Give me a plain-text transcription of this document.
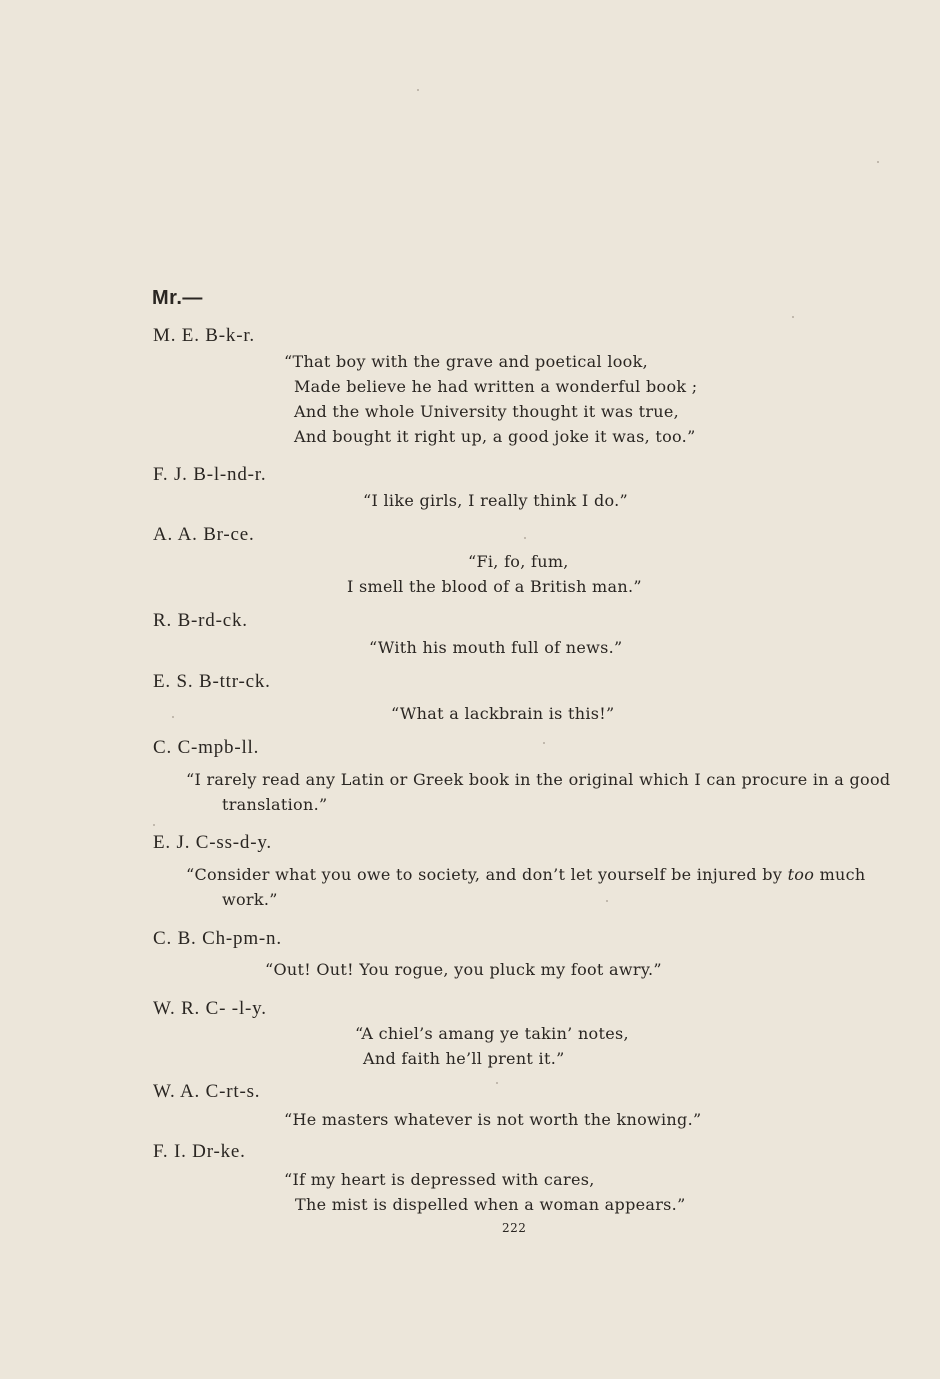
Mr.—
M. E. B-k-r.
“That boy with the grave and poetical look,
Made believe he had written a wonderful book ;
And the whole University thought it was true,
And bought it right up, a good joke it was, too.”
F. J. B-l-nd-r.
“I like girls, I really think I do.”
A. A. Br-ce.
“Fi, fo, fum,
I smell the blood of a British man.”
R. B-rd-ck.
“With his mouth full of news.”
E. S. B-ttr-ck.
“What a lackbrain is this!”
C. C-mpb-ll.
“I rarely read any Latin or Greek book in the original which I can procure in a good translation.”
E. J. C-ss-d-y.
“Consider what you owe to society, and don’t let yourself be injured by too much work.”
C. B. Ch-pm-n.
“Out! Out! You rogue, you pluck my foot awry.”
W. R. C- -l-y.
“A chiel’s amang ye takin’ notes,
And faith he’ll prent it.”
W. A. C-rt-s.
“He masters whatever is not worth the knowing.”
F. I. Dr-ke.
“If my heart is depressed with cares,
The mist is dispelled when a woman appears.”
222
